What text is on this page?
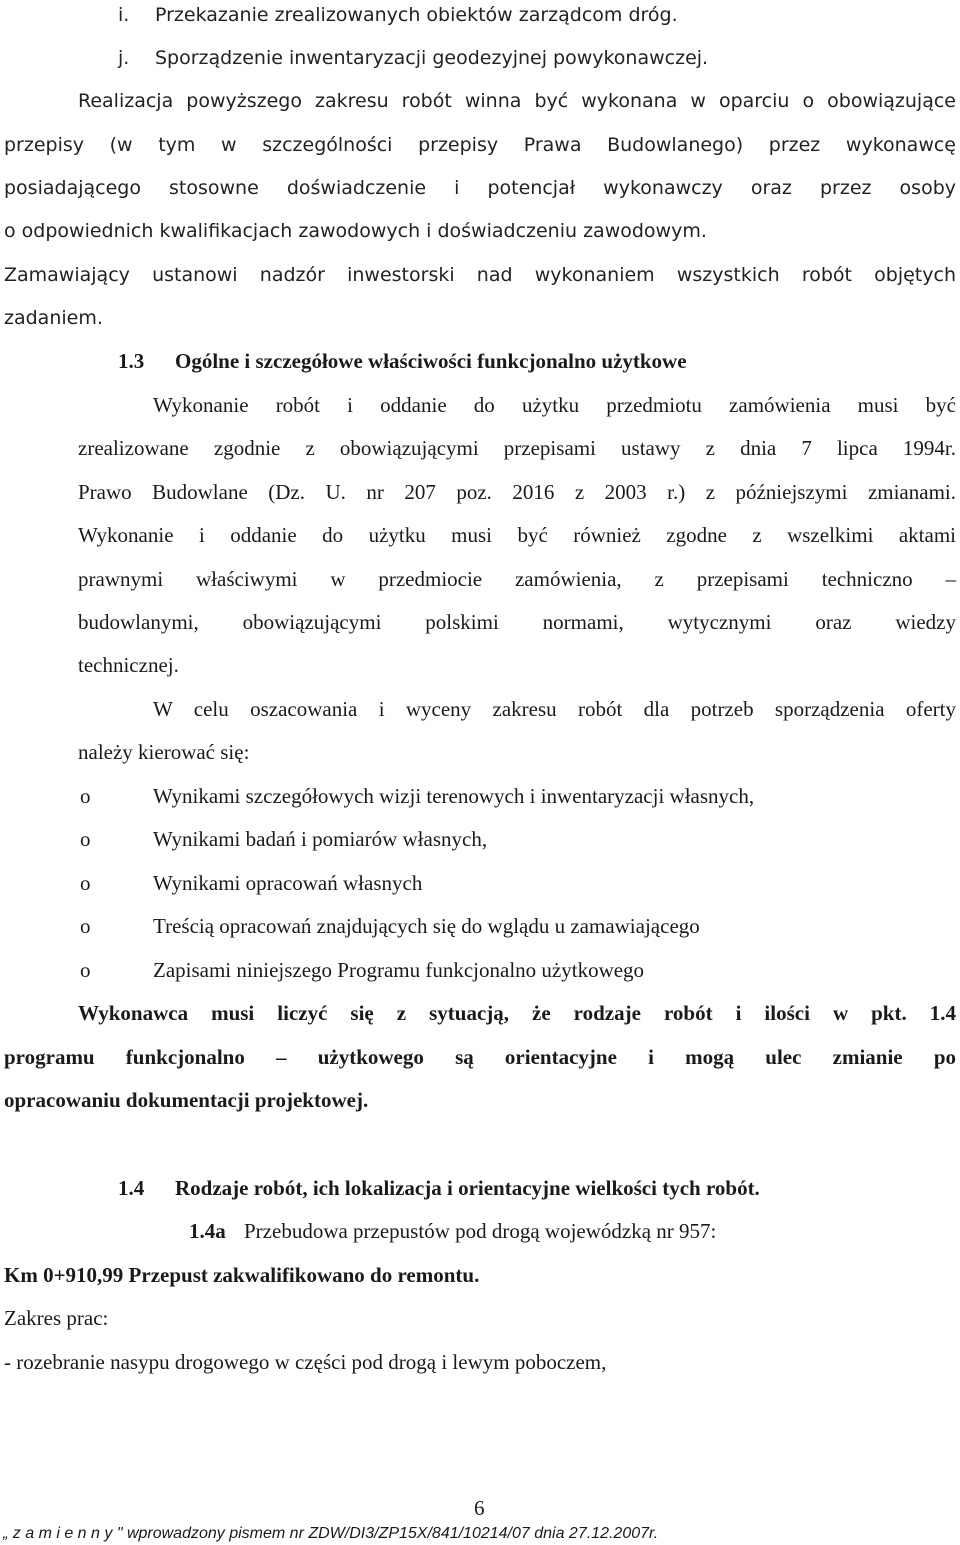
i. Przekazanie zrealizowanych obiektów zarządcom dróg.
j. Sporządzenie inwentaryzacji geodezyjnej powykonawczej.
Realizacja powyższego zakresu robót winna być wykonana w oparciu o obowiązujące
przepisy (w tym w szczególności przepisy Prawa Budowlanego) przez wykonawcę
posiadającego stosowne doświadczenie i potencjał wykonawczy oraz przez osoby
o odpowiednich kwalifikacjach zawodowych i doświadczeniu zawodowym.
Zamawiający ustanowi nadzór inwestorski nad wykonaniem wszystkich robót objętych
zadaniem.
1.3 Ogólne i szczegółowe właściwości funkcjonalno użytkowe
Wykonanie robót i oddanie do użytku przedmiotu zamówienia musi być
zrealizowane zgodnie z obowiązującymi przepisami ustawy z dnia 7 lipca 1994r.
Prawo Budowlane (Dz. U. nr 207 poz. 2016 z 2003 r.) z późniejszymi zmianami.
Wykonanie i oddanie do użytku musi być również zgodne z wszelkimi aktami
prawnymi właściwymi w przedmiocie zamówienia, z przepisami techniczno –
budowlanymi, obowiązującymi polskimi normami, wytycznymi oraz wiedzy
technicznej.
W celu oszacowania i wyceny zakresu robót dla potrzeb sporządzenia oferty
należy kierować się:
o	Wynikami szczegółowych wizji terenowych i inwentaryzacji własnych,
o	Wynikami badań i pomiarów własnych,
o	Wynikami opracowań własnych
o	Treścią opracowań znajdujących się do wglądu u zamawiającego
o	Zapisami niniejszego Programu funkcjonalno użytkowego
Wykonawca musi liczyć się z sytuacją, że rodzaje robót i ilości w pkt. 1.4
programu funkcjonalno – użytkowego są orientacyjne i mogą ulec zmianie po
opracowaniu dokumentacji projektowej.
1.4 Rodzaje robót, ich lokalizacja i orientacyjne wielkości tych robót.
1.4a Przebudowa przepustów pod drogą wojewódzką nr 957:
Km 0+910,99 Przepust zakwalifikowano do remontu.
Zakres prac:
- rozebranie nasypu drogowego w części pod drogą i lewym poboczem,
6
„ z a m i e n n y " wprowadzony pismem nr ZDW/DI3/ZP15X/841/10214/07 dnia 27.12.2007r.
